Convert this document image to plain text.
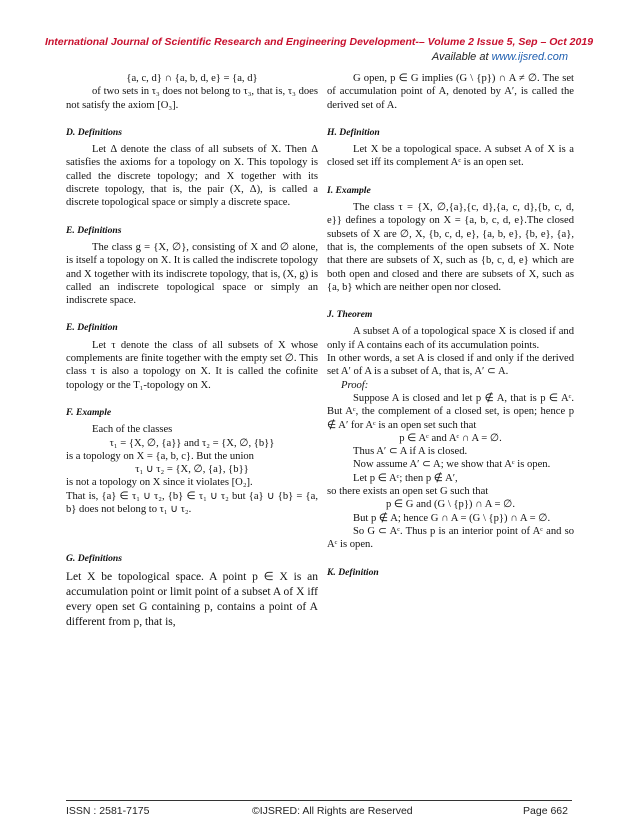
International Journal of Scientific Research and Engineering Development-– Volume 2 Issue 5, Sep – Oct 2019
Available at www.ijsred.com

{a, c, d} ∩ {a, b, d, e} = {a, d}

of two sets in τ₃ does not belong to τ₃, that is, τ₃ does not satisfy the axiom [O₃].

D. Definitions

Let Δ denote the class of all subsets of X. Then Δ satisfies the axioms for a topology on X. This topology is called the discrete topology; and X together with its discrete topology, that is, the pair (X, Δ), is called a discrete topological space or simply a discrete space.

E. Definitions

The class g = {X, ∅}, consisting of X and ∅ alone, is itself a topology on X. It is called the indiscrete topology and X together with its indiscrete topology, that is, (X, g) is called an indiscrete topological space or simply an indiscrete space.

E. Definition

Let τ denote the class of all subsets of X whose complements are finite together with the empty set ∅. This class τ is also a topology on X. It is called the cofinite topology or the T₁-topology on X.

F. Example

Each of the classes

τ₁ = {X, ∅, {a}} and τ₂ = {X, ∅, {b}}

is a topology on X = {a, b, c}. But the union

τ₁ ∪ τ₂ = {X, ∅, {a}, {b}}

is not a topology on X since it violates [O₂].

That is, {a} ∈ τ₁ ∪ τ₂, {b} ∈ τ₁ ∪ τ₂ but {a} ∪ {b} = {a, b} does not belong to τ₁ ∪ τ₂.

G. Definitions

Let X be topological space. A point p ∈ X is an accumulation point or limit point of a subset A of X iff every open set G containing p, contains a point of A different from p, that is,

G open, p ∈ G implies (G \ {p}) ∩ A ≠ ∅. The set of accumulation point of A, denoted by A′, is called the derived set of A.

H. Definition

Let X be a topological space. A subset A of X is a closed set iff its complement Aᶜ is an open set.

I. Example

The class τ = {X, ∅,{a},{c, d},{a, c, d},{b, c, d, e}} defines a topology on X = {a, b, c, d, e}.The closed subsets of X are ∅, X, {b, c, d, e}, {a, b, e}, {b, e}, {a}, that is, the complements of the open subsets of X. Note that there are subsets of X, such as {b, c, d, e} which are both open and closed and there are subsets of X, such as {a, b} which are neither open nor closed.

J. Theorem

A subset A of a topological space X is closed if and only if A contains each of its accumulation points.

In other words, a set A is closed if and only if the derived set A′ of A is a subset of A, that is, A′ ⊂ A.

Proof:

Suppose A is closed and let p ∉ A, that is p ∈ Aᶜ. But Aᶜ, the complement of a closed set, is open; hence p ∉ A′ for Aᶜ is an open set such that

p ∈ Aᶜ and Aᶜ ∩ A = ∅.

Thus A′ ⊂ A if A is closed.

Now assume A′ ⊂ A; we show that Aᶜ is open.

Let p ∈ Aᶜ; then p ∉ A′,

so there exists an open set G such that

p ∈ G and (G \ {p}) ∩ A = ∅.

But p ∉ A; hence G ∩ A = (G \ {p}) ∩ A = ∅.

So G ⊂ Aᶜ. Thus p is an interior point of Aᶜ and so Aᶜ is open.

K. Definition

ISSN : 2581-7175	©IJSRED: All Rights are Reserved	Page 662
